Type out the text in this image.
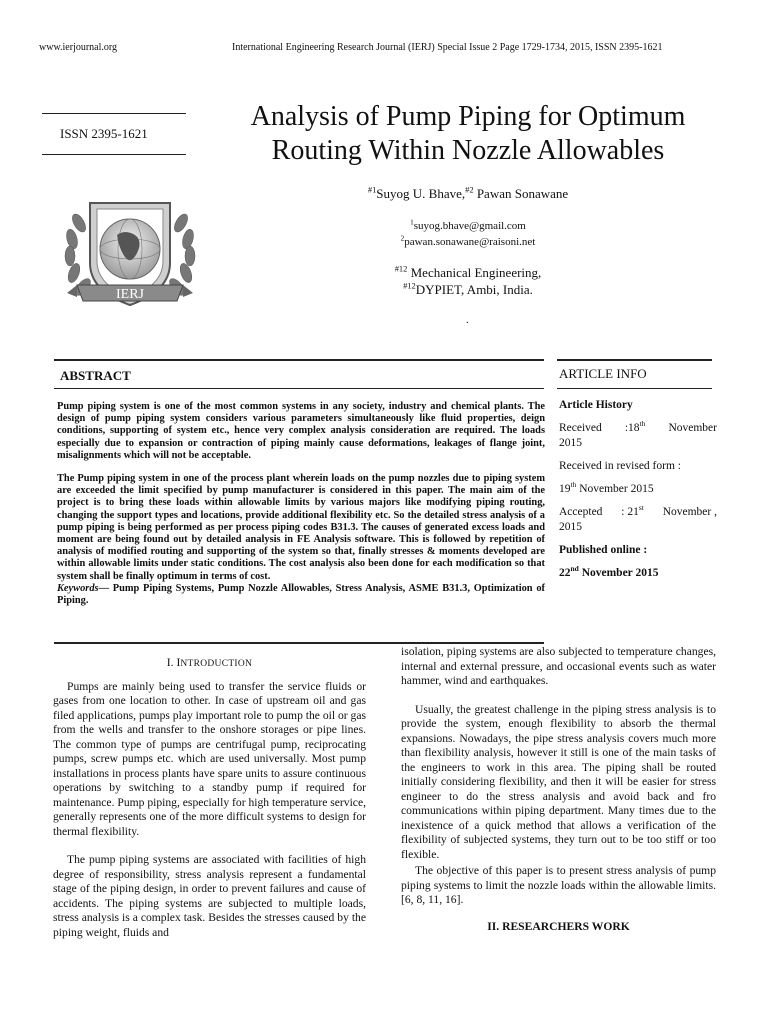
www.ierjournal.org	International Engineering Research Journal (IERJ) Special Issue 2 Page 1729-1734, 2015, ISSN 2395-1621
ISSN 2395-1621
IERJ
Analysis of Pump Piping for Optimum
Routing Within Nozzle Allowables
$^{\#1}$Suyog U. Bhave,$^{\#2}$ Pawan Sonawane
$^1$suyog.bhave@gmail.com
$^2$pawan.sonawane@raisoni.net
$^{\#12}$ Mechanical Engineering,
$^{\#12}$DYPIET, Ambi, India.
.
ABSTRACT	ARTICLE INFO

Pump piping system is one of the most common systems in any society, industry and chemical plants. The design of pump piping system considers various parameters simultaneously like fluid properties, deign conditions, supporting of system etc., hence very complex analysis consideration are required. The loads especially due to expansion or contraction of piping mainly cause deformations, leakages of flange joint, misalignments which will not be acceptable.

The Pump piping system in one of the process plant wherein loads on the pump nozzles due to piping system are exceeded the limit specified by pump manufacturer is considered in this paper. The main aim of the project is to bring these loads within allowable limits by various majors like modifying piping routing, changing the support types and locations, provide additional flexibility etc. So the detailed stress analysis of a pump piping is being performed as per process piping codes B31.3. The causes of generated excess loads and moment are being found out by detailed analysis in FE Analysis software. This is followed by repetition of analysis of modified routing and supporting of the system so that, finally stresses & moments developed are within allowable limits under static conditions. The cost analysis also been done for each modification so that system shall be finally optimum in terms of cost.

Keywords— Pump Piping Systems, Pump Nozzle Allowables, Stress Analysis, ASME B31.3, Optimization of Piping.

Article History
Received :18th November
2015
Received in revised form :
19th November 2015
Accepted : 21st November ,
2015
Published online :
22nd November 2015
I. INTRODUCTION

Pumps are mainly being used to transfer the service fluids or gases from one location to other. In case of upstream oil and gas filed applications, pumps play important role to pump the oil or gas from the wells and transfer to the onshore storages or pipe lines. The common type of pumps are centrifugal pump, reciprocating pumps, screw pumps etc. which are used universally. Most pump installations in process plants have spare units to assure continuous operations by switching to a standby pump if required for maintenance. Pump piping, especially for high temperature service, generally represents one of the more difficult systems to design for thermal flexibility.

The pump piping systems are associated with facilities of high degree of responsibility, stress analysis represent a fundamental stage of the piping design, in order to prevent failures and cause of accidents. The piping systems are subjected to multiple loads, stress analysis is a complex task. Besides the stresses caused by the piping weight, fluids and

isolation, piping systems are also subjected to temperature changes, internal and external pressure, and occasional events such as water hammer, wind and earthquakes.

Usually, the greatest challenge in the piping stress analysis is to provide the system, enough flexibility to absorb the thermal expansions. Nowadays, the pipe stress analysis covers much more than flexibility analysis, however it still is one of the main tasks of the engineers to work in this area. The piping shall be routed initially considering flexibility, and then it will be easier for stress engineer to do the stress analysis and avoid back and fro communications within piping department. Many times due to the inexistence of a quick method that allows a verification of the flexibility of subjected systems, they turn out to be too stiff or too flexible.

The objective of this paper is to present stress analysis of pump piping systems to limit the nozzle loads within the allowable limits. [6, 8, 11, 16].

II. RESEARCHERS WORK
